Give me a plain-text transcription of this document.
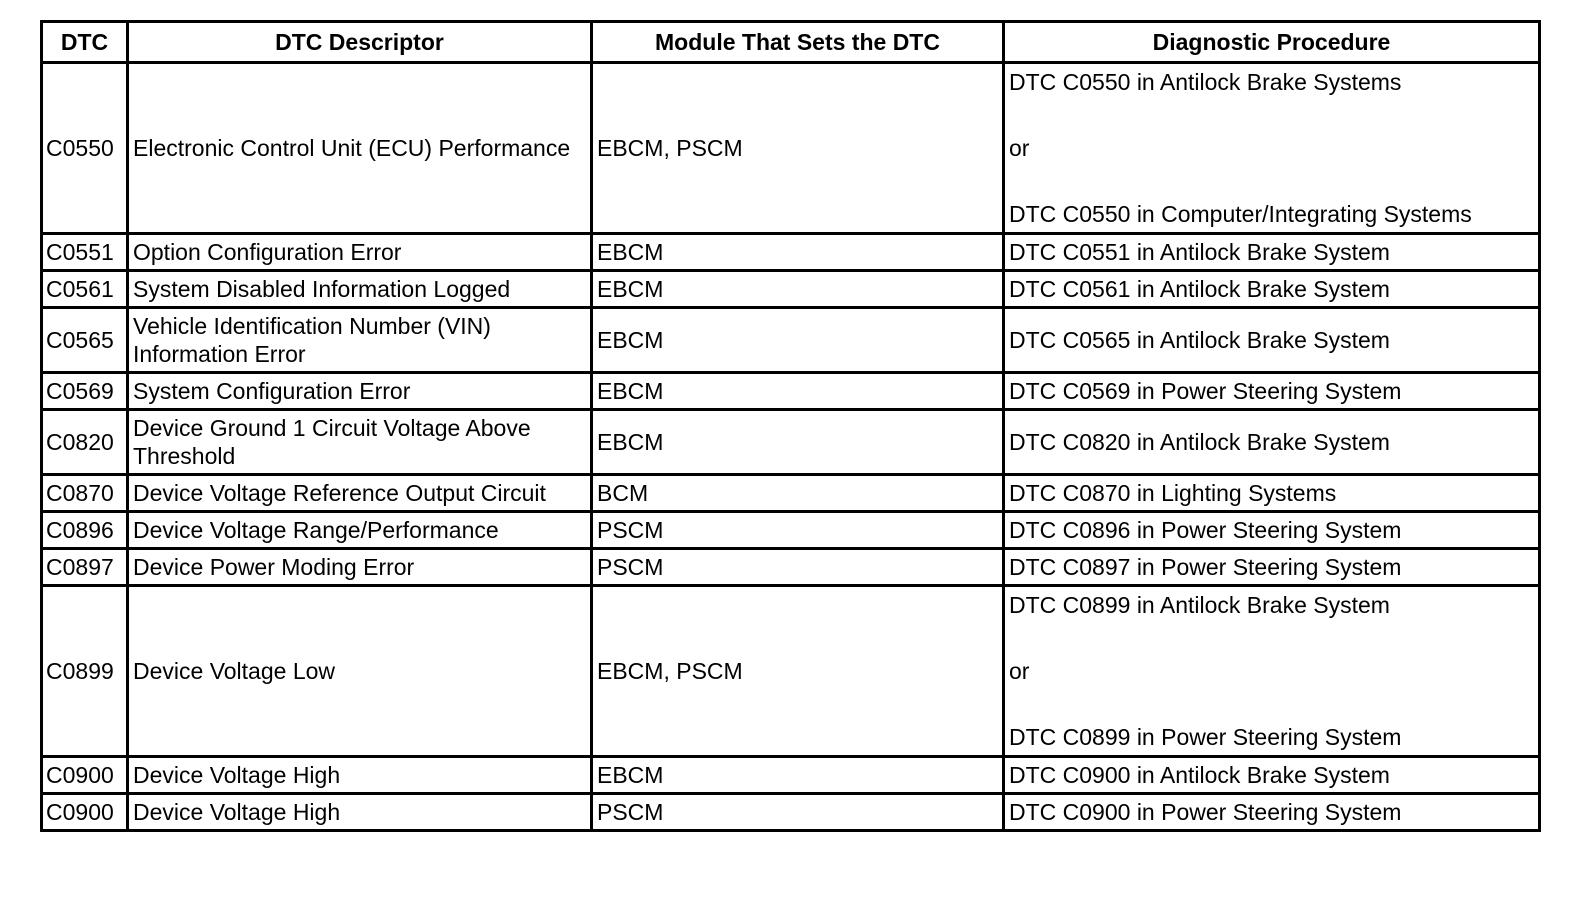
DTC	DTC Descriptor	Module That Sets the DTC	Diagnostic Procedure
C0550	Electronic Control Unit (ECU) Performance	EBCM, PSCM	DTC C0550 in Antilock Brake Systems
or
DTC C0550 in Computer/Integrating Systems

C0551	Option Configuration Error	EBCM	DTC C0551 in Antilock Brake System

C0561	System Disabled Information Logged	EBCM	DTC C0561 in Antilock Brake System

C0565	Vehicle Identification Number (VIN) Information Error	EBCM	DTC C0565 in Antilock Brake System

C0569	System Configuration Error	EBCM	DTC C0569 in Power Steering System

C0820	Device Ground 1 Circuit Voltage Above Threshold	EBCM	DTC C0820 in Antilock Brake System

C0870	Device Voltage Reference Output Circuit	BCM	DTC C0870 in Lighting Systems

C0896	Device Voltage Range/Performance	PSCM	DTC C0896 in Power Steering System

C0897	Device Power Moding Error	PSCM	DTC C0897 in Power Steering System

C0899	Device Voltage Low	EBCM, PSCM	DTC C0899 in Antilock Brake System
or
DTC C0899 in Power Steering System

C0900	Device Voltage High	EBCM	DTC C0900 in Antilock Brake System

C0900	Device Voltage High	PSCM	DTC C0900 in Power Steering System
